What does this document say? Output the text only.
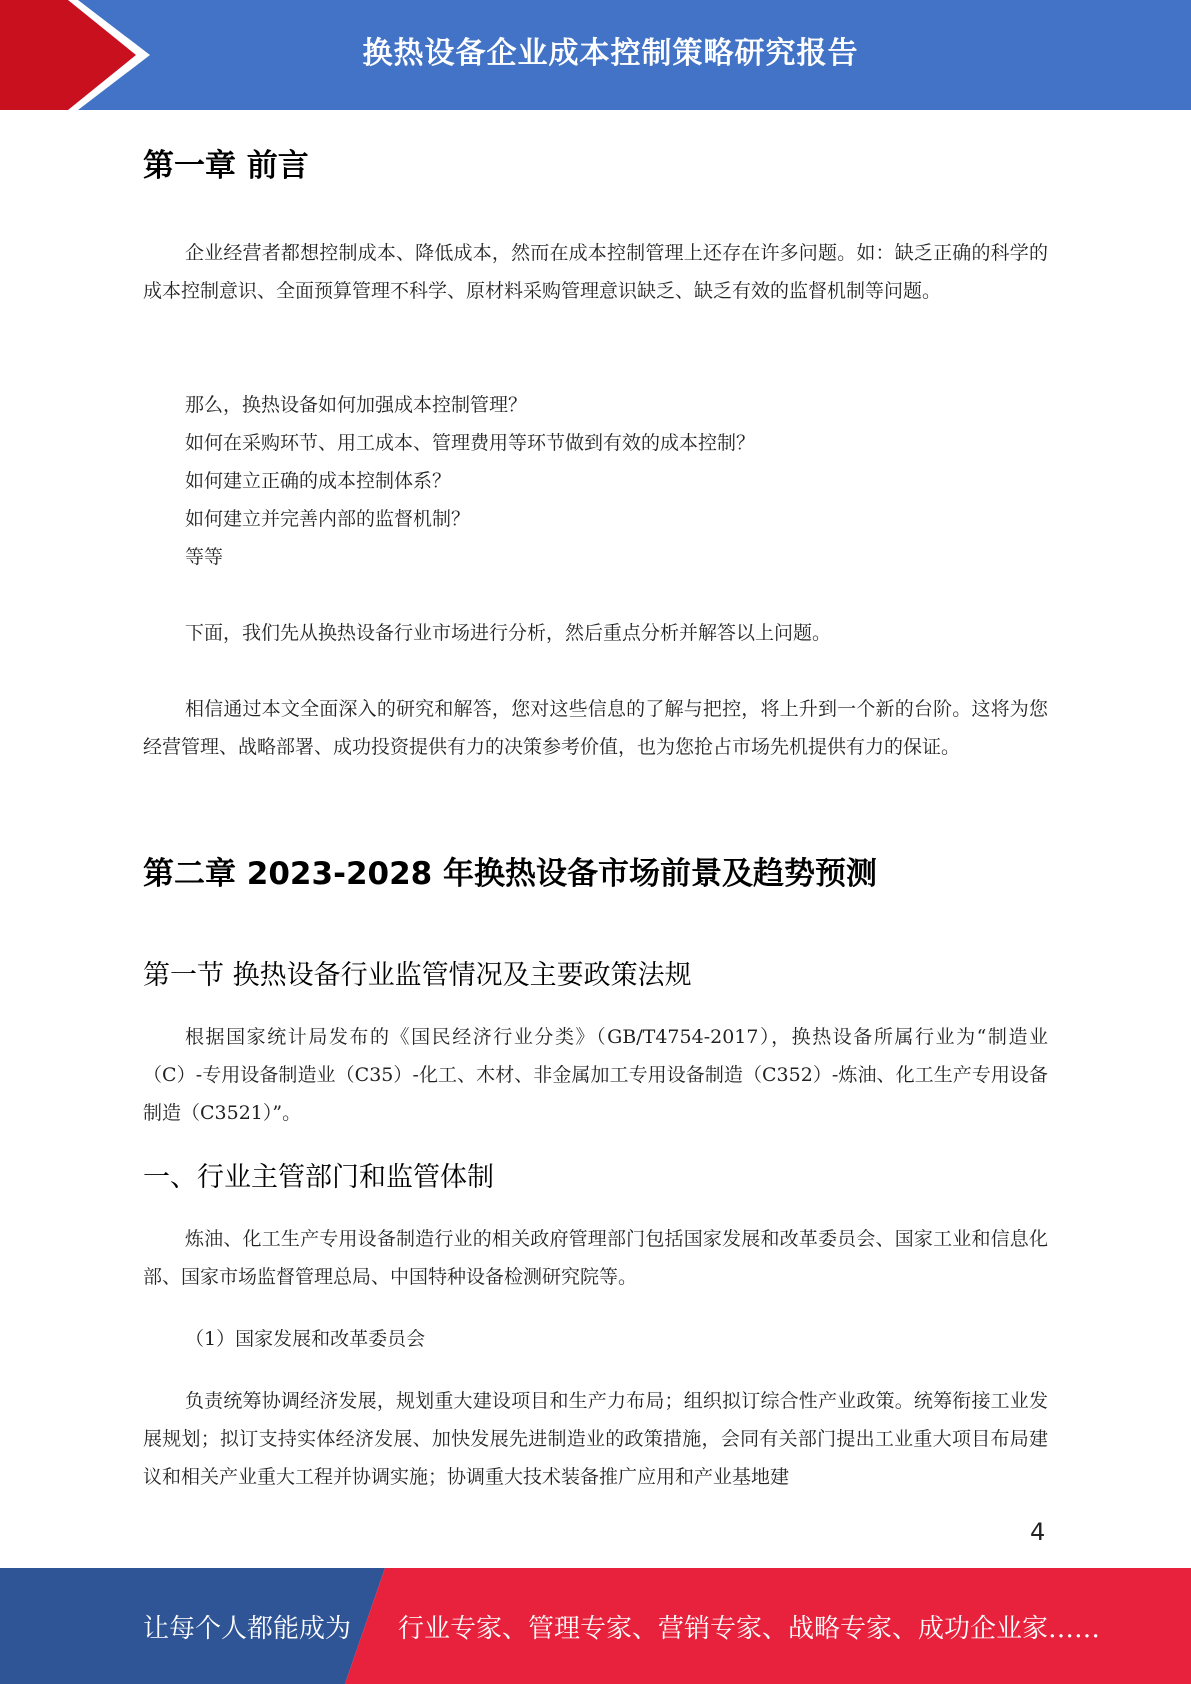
换热设备企业成本控制策略研究报告
第一章 前言

企业经营者都想控制成本、降低成本，然而在成本控制管理上还存在许多问题。如：缺乏正确的科学的成本控制意识、全面预算管理不科学、原材料采购管理意识缺乏、缺乏有效的监督机制等问题。

那么，换热设备如何加强成本控制管理？

如何在采购环节、用工成本、管理费用等环节做到有效的成本控制？

如何建立正确的成本控制体系？

如何建立并完善内部的监督机制？

等等

下面，我们先从换热设备行业市场进行分析，然后重点分析并解答以上问题。

相信通过本文全面深入的研究和解答，您对这些信息的了解与把控，将上升到一个新的台阶。这将为您经营管理、战略部署、成功投资提供有力的决策参考价值，也为您抢占市场先机提供有力的保证。

第二章 2023-2028 年换热设备市场前景及趋势预测
第一节 换热设备行业监管情况及主要政策法规

根据国家统计局发布的《国民经济行业分类》（GB/T4754-2017），换热设备所属行业为“制造业（C）-专用设备制造业（C35）-化工、木材、非金属加工专用设备制造（C352）-炼油、化工生产专用设备制造（C3521）”。

一、行业主管部门和监管体制

炼油、化工生产专用设备制造行业的相关政府管理部门包括国家发展和改革委员会、国家工业和信息化部、国家市场监督管理总局、中国特种设备检测研究院等。

（1）国家发展和改革委员会

负责统筹协调经济发展，规划重大建设项目和生产力布局；组织拟订综合性产业政策。统筹衔接工业发展规划；拟订支持实体经济发展、加快发展先进制造业的政策措施，会同有关部门提出工业重大项目布局建议和相关产业重大工程并协调实施；协调重大技术装备推广应用和产业基地建

4
让每个人都能成为 行业专家、管理专家、营销专家、战略专家、成功企业家……
